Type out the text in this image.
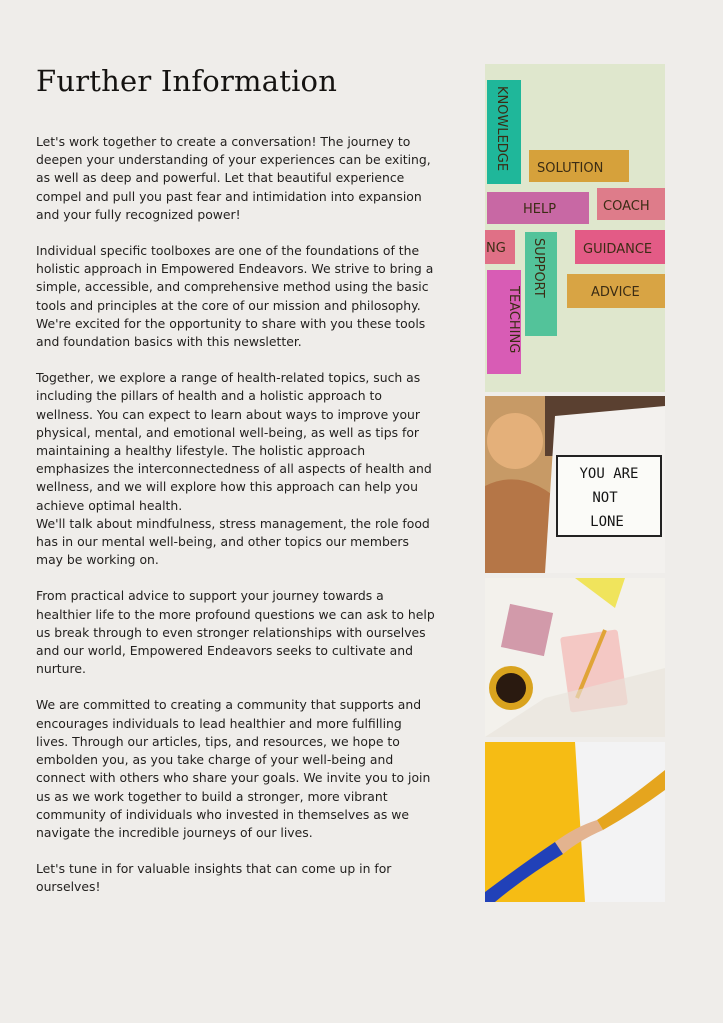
Further Information

Let's work together to create a conversation! The journey to deepen your understanding of your experiences can be exiting, as well as deep and powerful. Let that beautiful experience compel and pull you past fear and intimidation into expansion and your fully recognized power!

Individual specific toolboxes are one of the foundations of the holistic approach in Empowered Endeavors. We strive to bring a simple, accessible, and comprehensive method using the basic tools and principles at the core of our mission and philosophy. We're excited for the opportunity to share with you these tools and foundation basics with this newsletter.

Together, we explore a range of health-related topics, such as including the pillars of health and a holistic approach to wellness. You can expect to learn about ways to improve your physical, mental, and emotional well-being, as well as tips for maintaining a healthy lifestyle. The holistic approach emphasizes the interconnectedness of all aspects of health and wellness, and we will explore how this approach can help you achieve optimal health.

We'll talk about mindfulness, stress management, the role food has in our mental well-being, and other topics our members may be working on.

From practical advice to support your journey towards a healthier life to the more profound questions we can ask to help us break through to even stronger relationships with ourselves and our world, Empowered Endeavors seeks to cultivate and nurture.

We are committed to creating a community that supports and encourages individuals to lead healthier and more fulfilling lives. Through our articles, tips, and resources, we hope to embolden you, as you take charge of your well-being and connect with others who share your goals. We invite you to join us as we work together to build a stronger, more vibrant community of individuals who invested in themselves as we navigate the incredible journeys of our lives.

Let's tune in for valuable insights that can come up in for ourselves!

KNOWLEDGE SOLUTION
HELP	COACH
NG SUPPORT	GUIDANCE
TEACHING	ADVICE
YOU ARE
NOT
LONE
